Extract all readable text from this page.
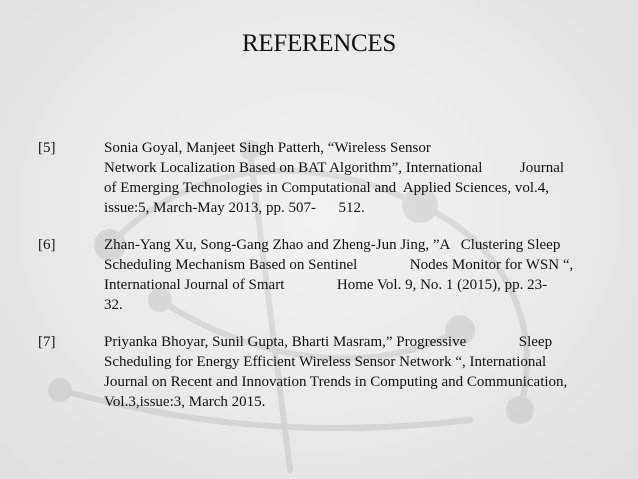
REFERENCES
[5]	Sonia Goyal, Manjeet Singh Patterh, “Wireless Sensor
Network Localization Based on BAT Algorithm”, International          Journal
of Emerging Technologies in Computational and  Applied Sciences, vol.4,
issue:5, March-May 2013, pp. 507-      512.
[6]	Zhan-Yang Xu, Song-Gang Zhao and Zheng-Jun Jing, ”A   Clustering Sleep
Scheduling Mechanism Based on Sentinel              Nodes Monitor for WSN “,
International Journal of Smart              Home Vol. 9, No. 1 (2015), pp. 23-
32.
[7]	Priyanka Bhoyar, Sunil Gupta, Bharti Masram,” Progressive              Sleep
Scheduling for Energy Efficient Wireless Sensor Network “, International
Journal on Recent and Innovation Trends in Computing and Communication,
Vol.3,issue:3, March 2015.
